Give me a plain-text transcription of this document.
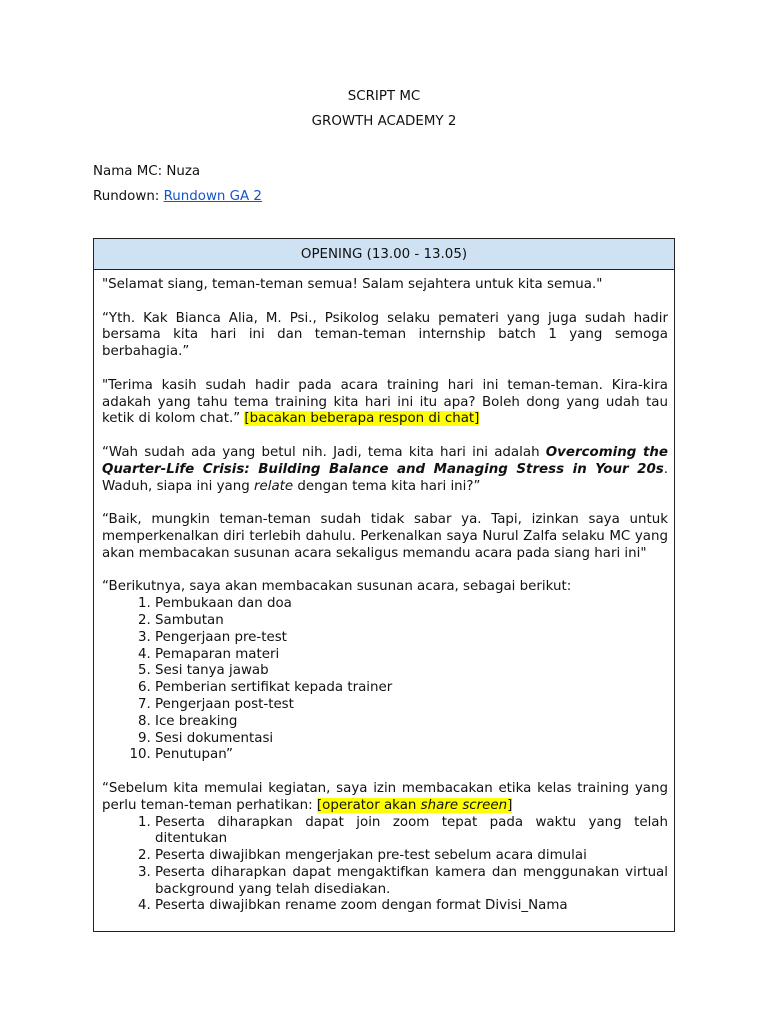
SCRIPT MC
GROWTH ACADEMY 2
Nama MC: Nuza
Rundown: Rundown GA 2
OPENING (13.00 - 13.05)

"Selamat siang, teman-teman semua! Salam sejahtera untuk kita semua."

“Yth. Kak Bianca Alia, M. Psi., Psikolog selaku pemateri yang juga sudah hadir bersama kita hari ini dan teman-teman internship batch 1 yang semoga berbahagia.”

"Terima kasih sudah hadir pada acara training hari ini teman-teman. Kira-kira adakah yang tahu tema training kita hari ini itu apa? Boleh dong yang udah tau ketik di kolom chat.” [bacakan beberapa respon di chat]

“Wah sudah ada yang betul nih. Jadi, tema kita hari ini adalah Overcoming the Quarter-Life Crisis: Building Balance and Managing Stress in Your 20s. Waduh, siapa ini yang relate dengan tema kita hari ini?”

“Baik, mungkin teman-teman sudah tidak sabar ya. Tapi, izinkan saya untuk memperkenalkan diri terlebih dahulu. Perkenalkan saya Nurul Zalfa selaku MC yang akan membacakan susunan acara sekaligus memandu acara pada siang hari ini"

“Berikutnya, saya akan membacakan susunan acara, sebagai berikut:

1. Pembukaan dan doa
2. Sambutan
3. Pengerjaan pre-test
4. Pemaparan materi
5. Sesi tanya jawab
6. Pemberian sertifikat kepada trainer
7. Pengerjaan post-test
8. Ice breaking
9. Sesi dokumentasi
10. Penutupan”

“Sebelum kita memulai kegiatan, saya izin membacakan etika kelas training yang perlu teman-teman perhatikan: [operator akan share screen]

1. Peserta diharapkan dapat join zoom tepat pada waktu yang telah ditentukan
2. Peserta diwajibkan mengerjakan pre-test sebelum acara dimulai
3. Peserta diharapkan dapat mengaktifkan kamera dan menggunakan virtual background yang telah disediakan.
4. Peserta diwajibkan rename zoom dengan format Divisi_Nama
